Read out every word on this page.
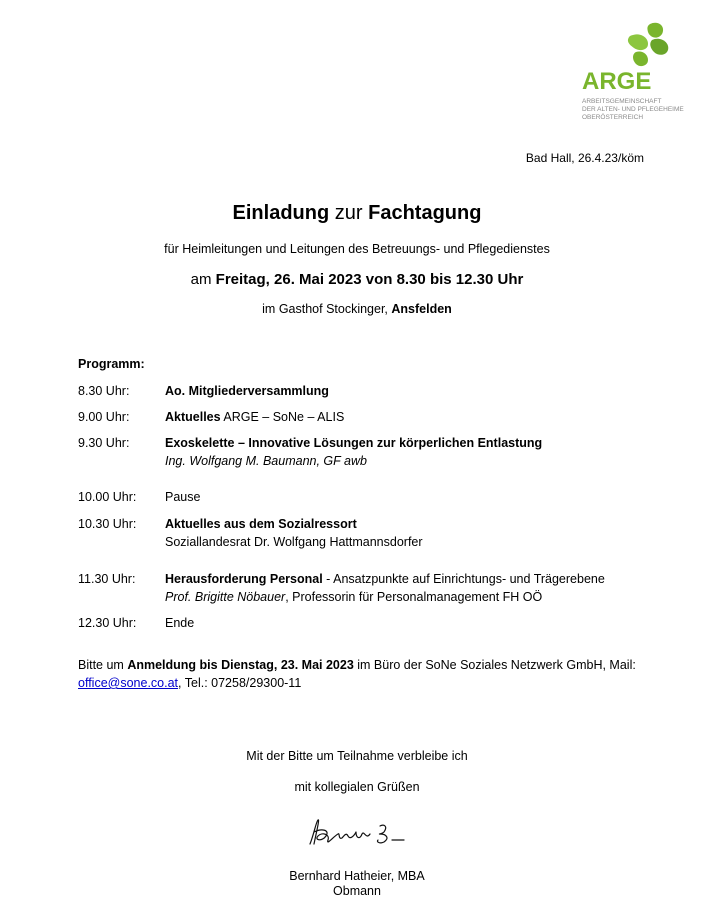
ARGE
ARBEITSGEMEINSCHAFT
DER ALTEN- UND PFLEGEHEIME
OBERÖSTERREICH
Bad Hall, 26.4.23/köm
Einladung zur Fachtagung
für Heimleitungen und Leitungen des Betreuungs- und Pflegedienstes
am Freitag, 26. Mai 2023 von 8.30 bis 12.30 Uhr
im Gasthof Stockinger, Ansfelden
Programm:
8.30 Uhr:	Ao. Mitgliederversammlung
9.00 Uhr:	Aktuelles ARGE – SoNe – ALIS
9.30 Uhr:	Exoskelette – Innovative Lösungen zur körperlichen Entlastung
Ing. Wolfgang M. Baumann, GF awb
10.00 Uhr:	Pause
10.30 Uhr:	Aktuelles aus dem Sozialressort
Soziallandesrat Dr. Wolfgang Hattmannsdorfer
11.30 Uhr:	Herausforderung Personal - Ansatzpunkte auf Einrichtungs- und Trägerebene
Prof. Brigitte Nöbauer, Professorin für Personalmanagement FH OÖ
12.30 Uhr:	Ende
Bitte um Anmeldung bis Dienstag, 23. Mai 2023 im Büro der SoNe Soziales Netzwerk GmbH, Mail: office@sone.co.at, Tel.: 07258/29300-11
Mit der Bitte um Teilnahme verbleibe ich
mit kollegialen Grüßen
Bernhard Hatheier, MBA
Obmann
